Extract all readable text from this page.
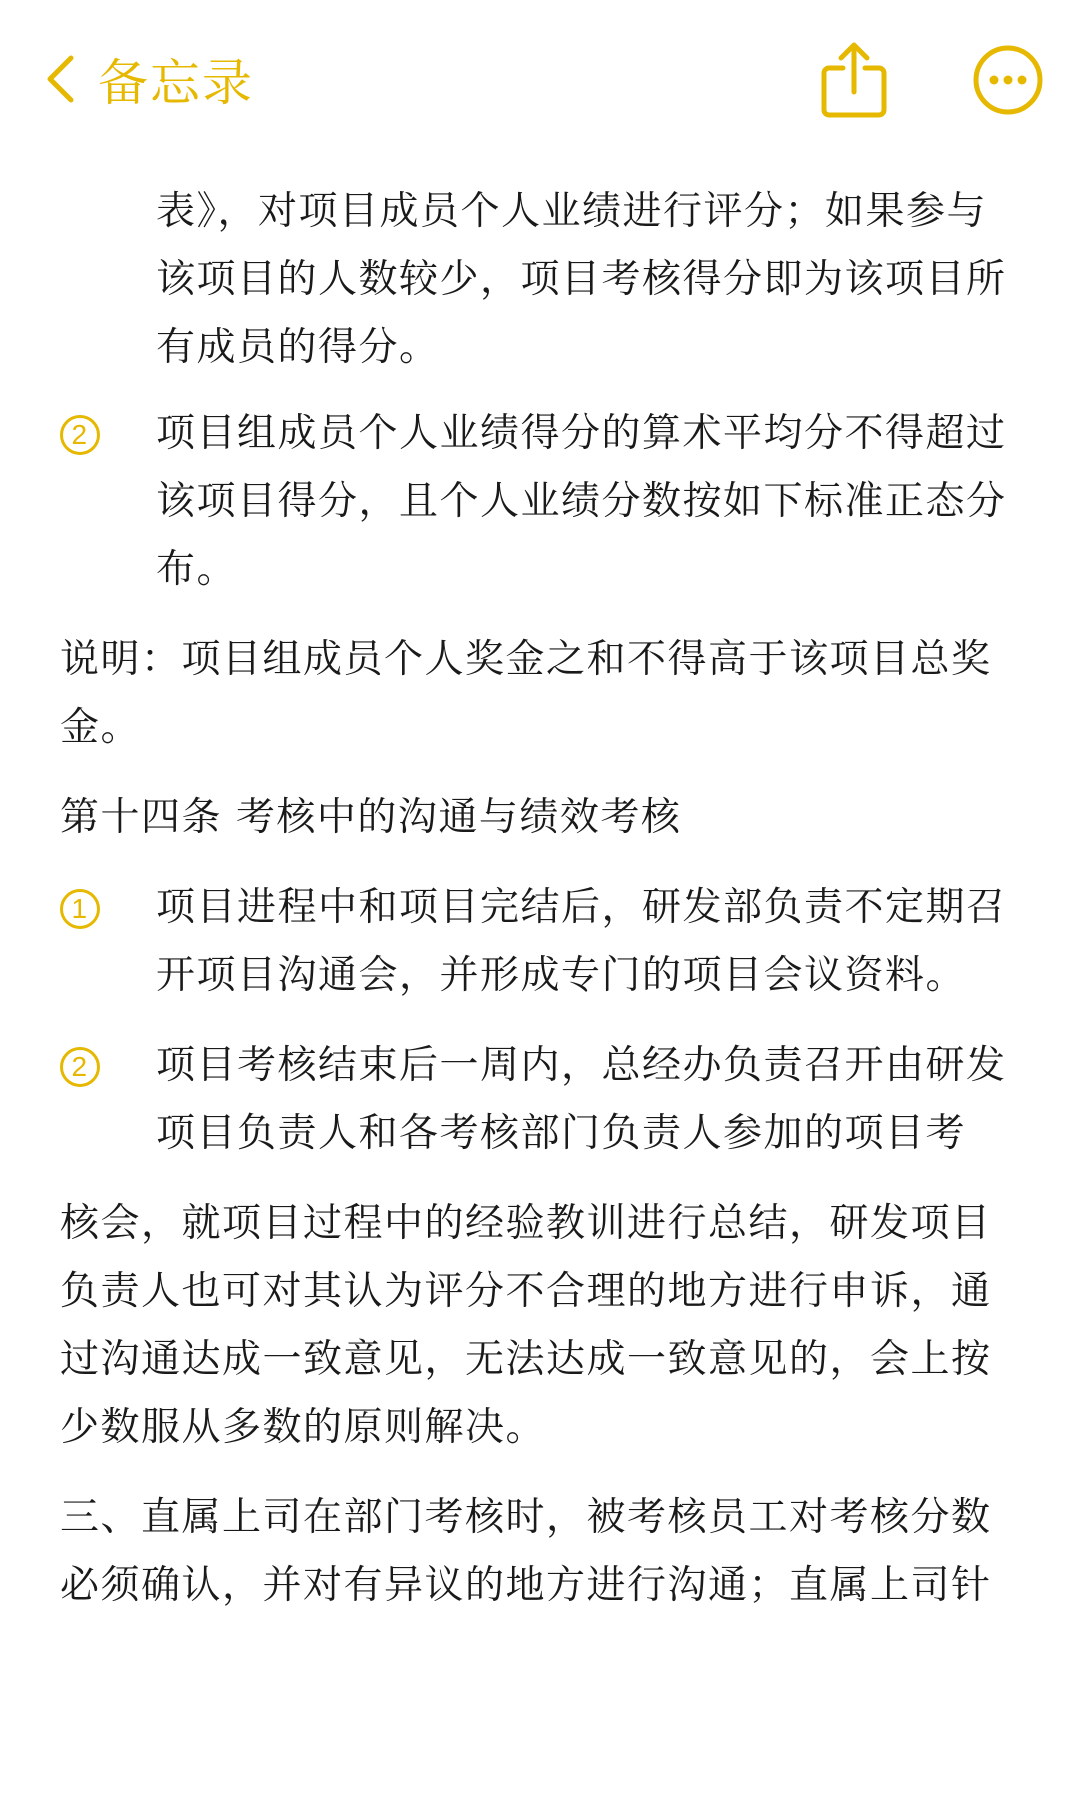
备忘录
表》，对项目成员个人业绩进行评分；如果参与该项目的人数较少，项目考核得分即为该项目所有成员的得分。
2 项目组成员个人业绩得分的算术平均分不得超过该项目得分，且个人业绩分数按如下标准正态分布。
说明：项目组成员个人奖金之和不得高于该项目总奖金。
第十四条 考核中的沟通与绩效考核
1 项目进程中和项目完结后，研发部负责不定期召开项目沟通会，并形成专门的项目会议资料。
2 项目考核结束后一周内，总经办负责召开由研发项目负责人和各考核部门负责人参加的项目考
核会，就项目过程中的经验教训进行总结，研发项目负责人也可对其认为评分不合理的地方进行申诉，通过沟通达成一致意见，无法达成一致意见的，会上按少数服从多数的原则解决。
三、直属上司在部门考核时，被考核员工对考核分数必须确认，并对有异议的地方进行沟通；直属上司针
